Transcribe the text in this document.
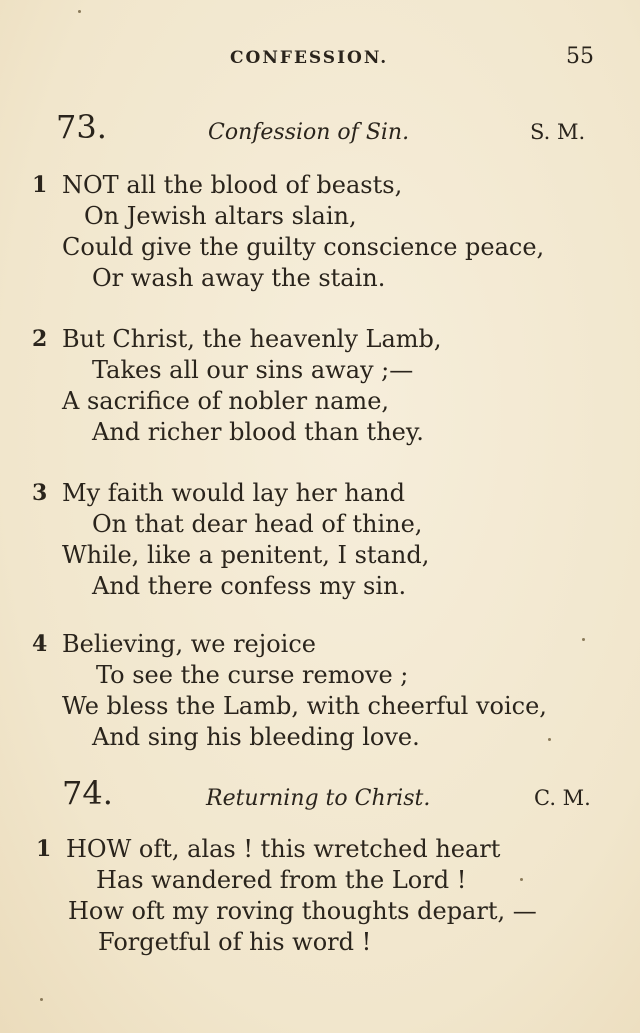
CONFESSION.	55
73.	Confession of Sin.	S. M.
1 NOT all the blood of beasts,
On Jewish altars slain,
Could give the guilty conscience peace,
Or wash away the stain.
2 But Christ, the heavenly Lamb,
Takes all our sins away ;—
A sacrifice of nobler name,
And richer blood than they.
3 My faith would lay her hand
On that dear head of thine,
While, like a penitent, I stand,
And there confess my sin.
4 Believing, we rejoice
To see the curse remove ;
We bless the Lamb, with cheerful voice,
And sing his bleeding love.
74.	Returning to Christ.	C. M.
1 HOW oft, alas ! this wretched heart
Has wandered from the Lord !
How oft my roving thoughts depart, —
Forgetful of his word !
